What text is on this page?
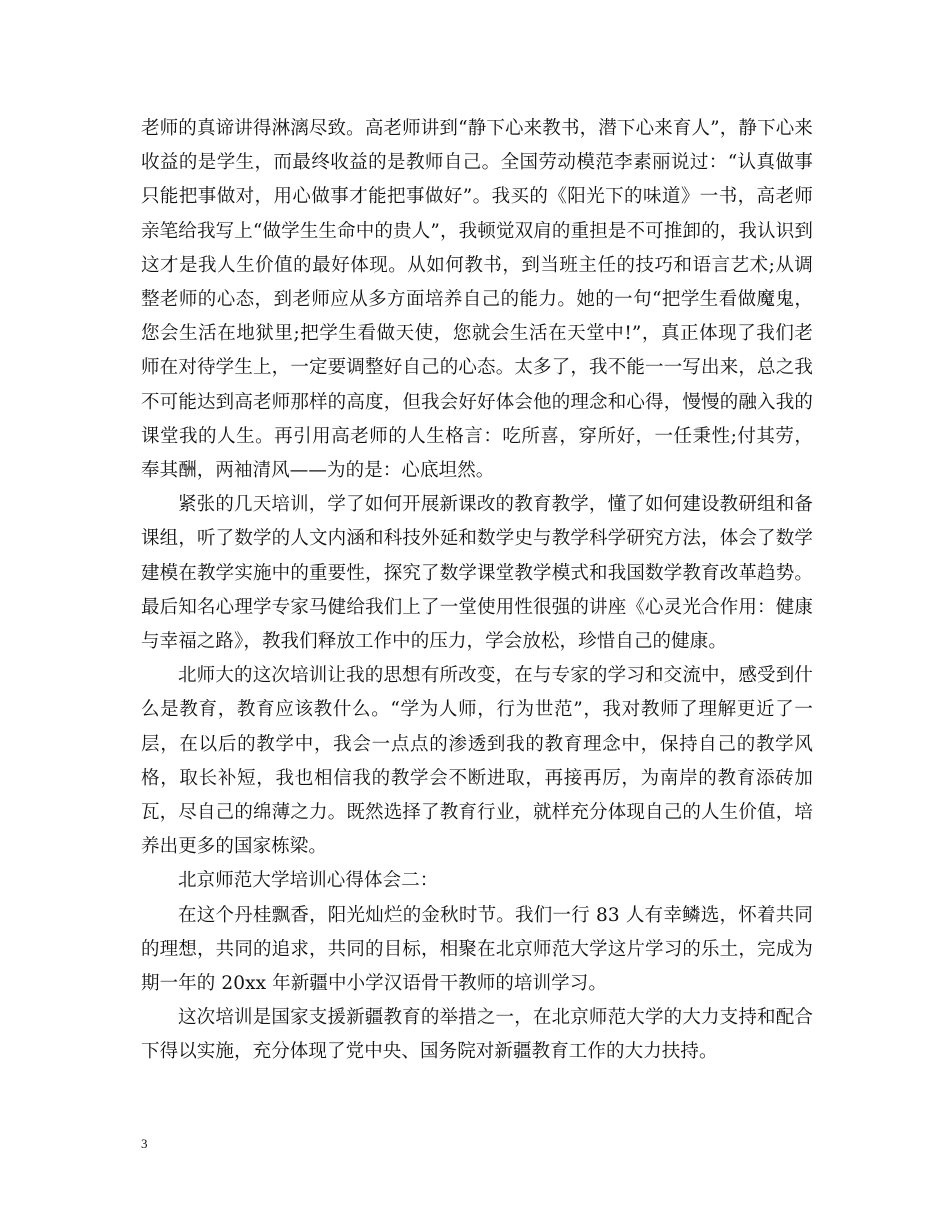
老师的真谛讲得淋漓尽致。高老师讲到“静下心来教书，潜下心来育人”，静下心来收益的是学生，而最终收益的是教师自己。全国劳动模范李素丽说过：“认真做事只能把事做对，用心做事才能把事做好”。我买的《阳光下的味道》一书，高老师亲笔给我写上“做学生生命中的贵人”，我顿觉双肩的重担是不可推卸的，我认识到这才是我人生价值的最好体现。从如何教书，到当班主任的技巧和语言艺术;从调整老师的心态，到老师应从多方面培养自己的能力。她的一句“把学生看做魔鬼，您会生活在地狱里;把学生看做天使，您就会生活在天堂中!”，真正体现了我们老师在对待学生上，一定要调整好自己的心态。太多了，我不能一一写出来，总之我不可能达到高老师那样的高度，但我会好好体会他的理念和心得，慢慢的融入我的课堂我的人生。再引用高老师的人生格言：吃所喜，穿所好，一任秉性;付其劳，奉其酬，两袖清风——为的是：心底坦然。

紧张的几天培训，学了如何开展新课改的教育教学，懂了如何建设教研组和备课组，听了数学的人文内涵和科技外延和数学史与教学科学研究方法，体会了数学建模在教学实施中的重要性，探究了数学课堂教学模式和我国数学教育改革趋势。最后知名心理学专家马健给我们上了一堂使用性很强的讲座《心灵光合作用：健康与幸福之路》，教我们释放工作中的压力，学会放松，珍惜自己的健康。

北师大的这次培训让我的思想有所改变，在与专家的学习和交流中，感受到什么是教育，教育应该教什么。“学为人师，行为世范”，我对教师了理解更近了一层，在以后的教学中，我会一点点的渗透到我的教育理念中，保持自己的教学风格，取长补短，我也相信我的教学会不断进取，再接再厉，为南岸的教育添砖加瓦，尽自己的绵薄之力。既然选择了教育行业，就样充分体现自己的人生价值，培养出更多的国家栋梁。

北京师范大学培训心得体会二：

在这个丹桂飘香，阳光灿烂的金秋时节。我们一行 83 人有幸鳞选，怀着共同的理想，共同的追求，共同的目标，相聚在北京师范大学这片学习的乐土，完成为期一年的 20xx 年新疆中小学汉语骨干教师的培训学习。

这次培训是国家支援新疆教育的举措之一，在北京师范大学的大力支持和配合下得以实施，充分体现了党中央、国务院对新疆教育工作的大力扶持。

3
